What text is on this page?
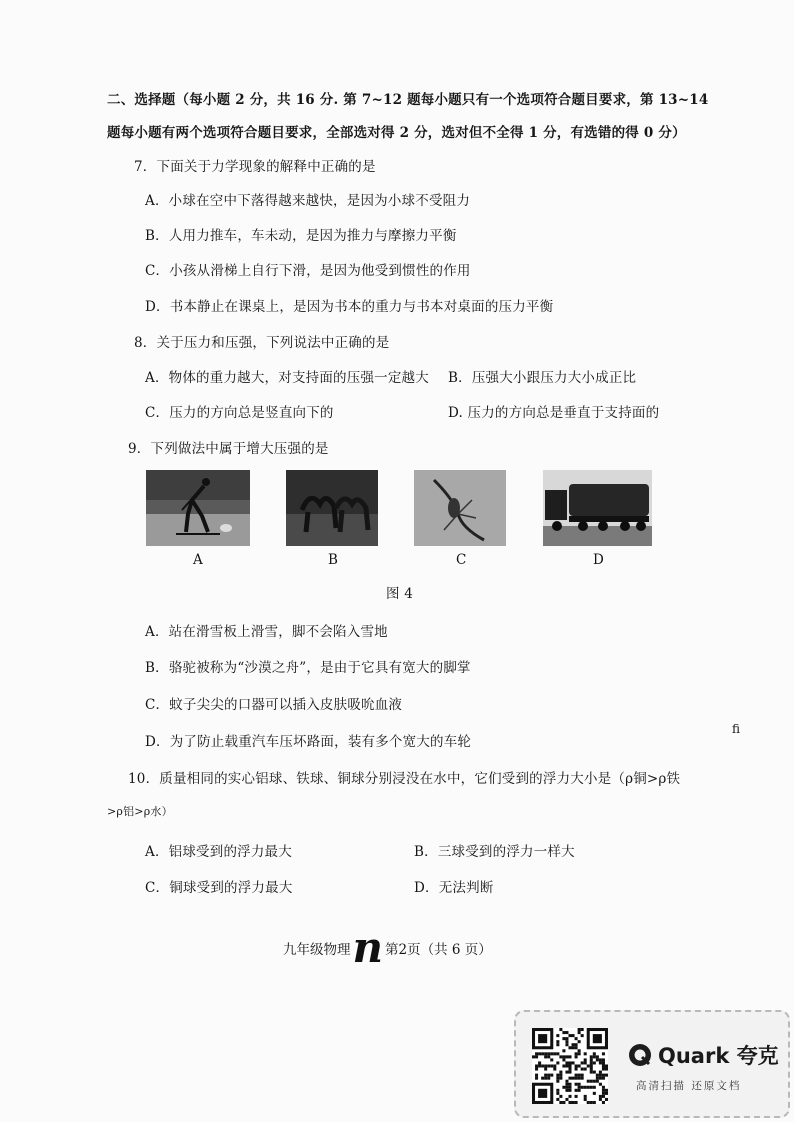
二、选择题（每小题 2 分，共 16 分. 第 7~12 题每小题只有一个选项符合题目要求，第 13~14
题每小题有两个选项符合题目要求，全部选对得 2 分，选对但不全得 1 分，有选错的得 0 分）
7．下面关于力学现象的解释中正确的是
A．小球在空中下落得越来越快，是因为小球不受阻力
B．人用力推车，车未动，是因为推力与摩擦力平衡
C．小孩从滑梯上自行下滑，是因为他受到惯性的作用
D．书本静止在课桌上，是因为书本的重力与书本对桌面的压力平衡
8．关于压力和压强，下列说法中正确的是
A．物体的重力越大，对支持面的压强一定越大 B．压强大小跟压力大小成正比
C．压力的方向总是竖直向下的	D. 压力的方向总是垂直于支持面的
9．下列做法中属于增大压强的是
A	B	C	D
图 4
A．站在滑雪板上滑雪，脚不会陷入雪地
B．骆驼被称为“沙漠之舟”，是由于它具有宽大的脚掌
C．蚊子尖尖的口器可以插入皮肤吸吮血液
D．为了防止载重汽车压坏路面，装有多个宽大的车轮
fi
10．质量相同的实心铝球、铁球、铜球分别浸没在水中，它们受到的浮力大小是（ρ铜>ρ铁
>ρ铝>ρ水）
A．铝球受到的浮力最大	B．三球受到的浮力一样大
C．铜球受到的浮力最大	D．无法判断
九年级物理n 第2页（共 6 页）
Quark 夸克
高清扫描 还原文档
